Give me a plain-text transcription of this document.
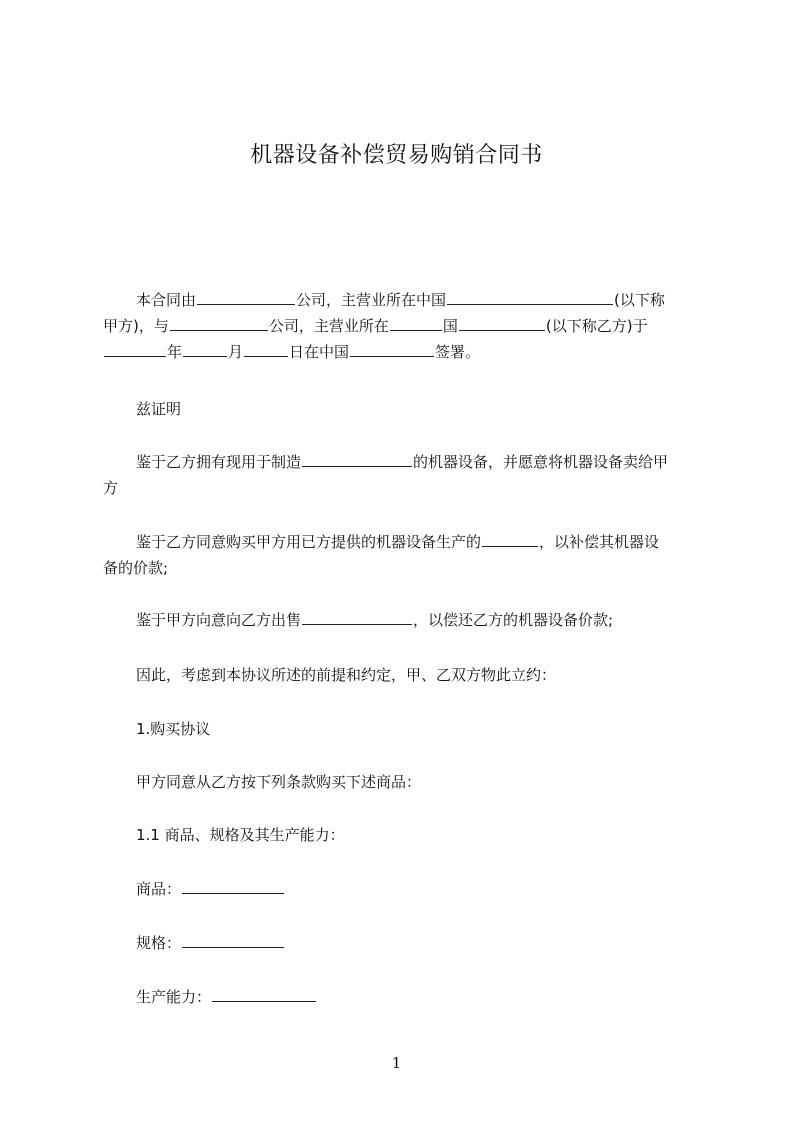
机器设备补偿贸易购销合同书
本合同由	公司，主营业所在中国	(以下称
甲方)，与	公司，主营业所在	国	(以下称乙方)于
年	月	日在中国	签署。
兹证明
鉴于乙方拥有现用于制造	的机器设备，并愿意将机器设备卖给甲
方
鉴于乙方同意购买甲方用已方提供的机器设备生产的	，以补偿其机器设
备的价款;
鉴于甲方向意向乙方出售	，以偿还乙方的机器设备价款;
因此，考虑到本协议所述的前提和约定，甲、乙双方物此立约：
1.购买协议
甲方同意从乙方按下列条款购买下述商品：
1.1 商品、规格及其生产能力：
商品：
规格：
生产能力：
1
